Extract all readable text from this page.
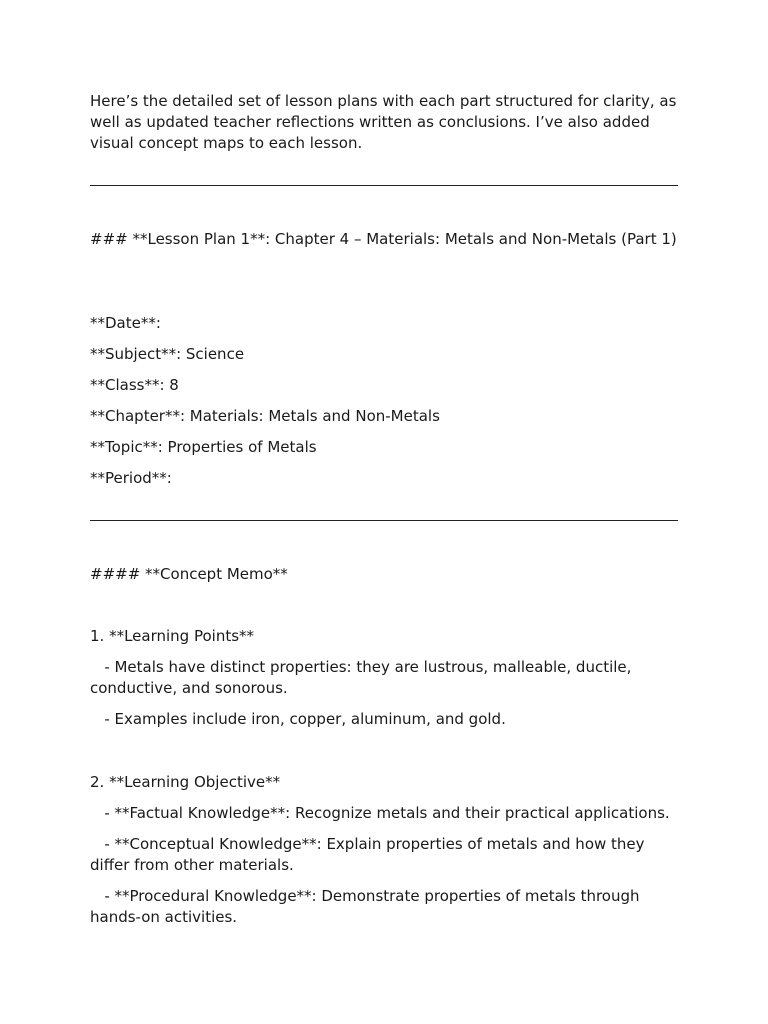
Here’s the detailed set of lesson plans with each part structured for clarity, as well as updated teacher reflections written as conclusions. I’ve also added visual concept maps to each lesson.

### **Lesson Plan 1**: Chapter 4 – Materials: Metals and Non-Metals (Part 1)

**Date**:

**Subject**: Science

**Class**: 8

**Chapter**: Materials: Metals and Non-Metals

**Topic**: Properties of Metals

**Period**:

#### **Concept Memo**

1. **Learning Points**

- Metals have distinct properties: they are lustrous, malleable, ductile, conductive, and sonorous.

- Examples include iron, copper, aluminum, and gold.

2. **Learning Objective**

- **Factual Knowledge**: Recognize metals and their practical applications.

- **Conceptual Knowledge**: Explain properties of metals and how they differ from other materials.

- **Procedural Knowledge**: Demonstrate properties of metals through hands-on activities.
